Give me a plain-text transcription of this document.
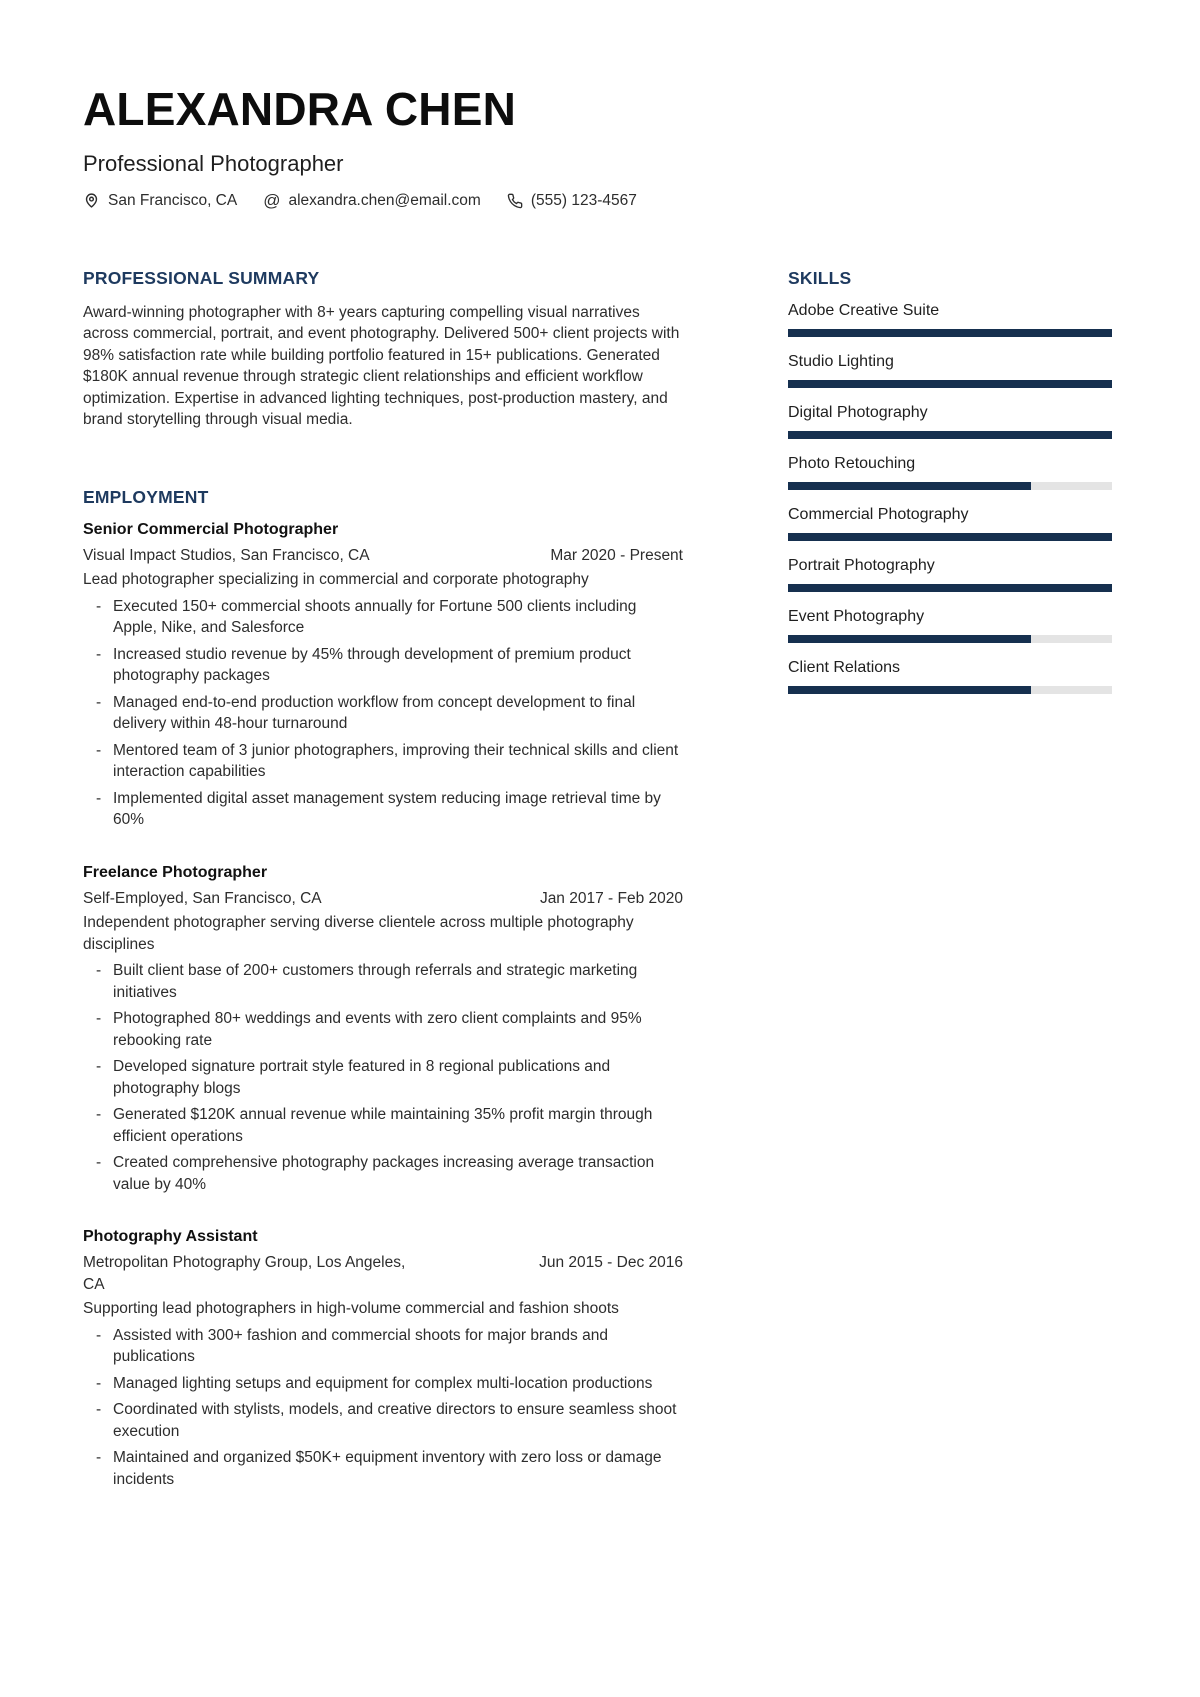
ALEXANDRA CHEN
Professional Photographer
San Francisco, CA @ alexandra.chen@email.com	(555) 123-4567
PROFESSIONAL SUMMARY

Award-winning photographer with 8+ years capturing compelling visual narratives across commercial, portrait, and event photography. Delivered 500+ client projects with 98% satisfaction rate while building portfolio featured in 15+ publications. Generated $180K annual revenue through strategic client relationships and efficient workflow optimization. Expertise in advanced lighting techniques, post-production mastery, and brand storytelling through visual media.

EMPLOYMENT
Senior Commercial Photographer
Visual Impact Studios, San Francisco, CA	Mar 2020 - Present

Lead photographer specializing in commercial and corporate photography

- Executed 150+ commercial shoots annually for Fortune 500 clients including Apple, Nike, and Salesforce
- Increased studio revenue by 45% through development of premium product photography packages
- Managed end-to-end production workflow from concept development to final delivery within 48-hour turnaround
- Mentored team of 3 junior photographers, improving their technical skills and client interaction capabilities
- Implemented digital asset management system reducing image retrieval time by 60%
Freelance Photographer
Self-Employed, San Francisco, CA	Jan 2017 - Feb 2020

Independent photographer serving diverse clientele across multiple photography disciplines

- Built client base of 200+ customers through referrals and strategic marketing initiatives
- Photographed 80+ weddings and events with zero client complaints and 95% rebooking rate
- Developed signature portrait style featured in 8 regional publications and photography blogs
- Generated $120K annual revenue while maintaining 35% profit margin through efficient operations
- Created comprehensive photography packages increasing average transaction value by 40%
Photography Assistant
Metropolitan Photography Group, Los Angeles, CA
Jun 2015 - Dec 2016

Supporting lead photographers in high-volume commercial and fashion shoots

- Assisted with 300+ fashion and commercial shoots for major brands and publications
- Managed lighting setups and equipment for complex multi-location productions
- Coordinated with stylists, models, and creative directors to ensure seamless shoot execution
- Maintained and organized $50K+ equipment inventory with zero loss or damage incidents
SKILLS
Adobe Creative Suite
Studio Lighting
Digital Photography
Photo Retouching
Commercial Photography
Portrait Photography
Event Photography
Client Relations
